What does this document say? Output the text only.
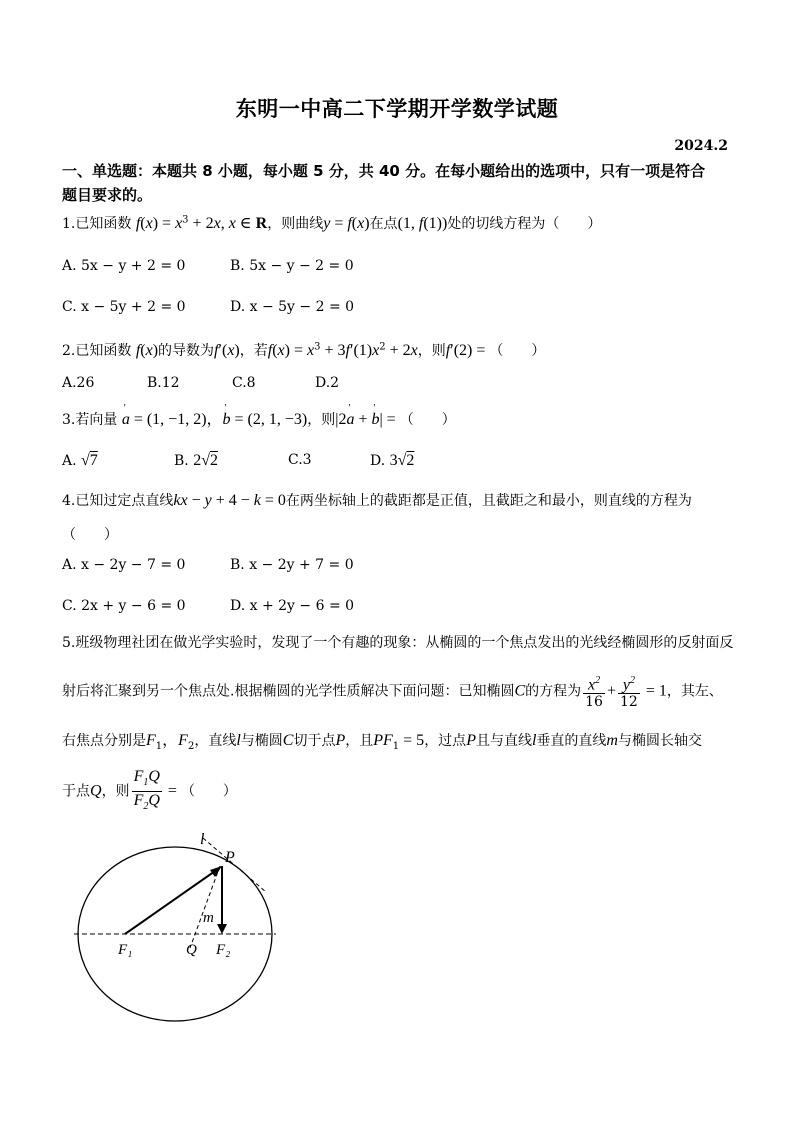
东明一中高二下学期开学数学试题
2024.2
一、单选题：本题共 8 小题，每小题 5 分，共 40 分。在每小题给出的选项中，只有一项是符合
题目要求的。
1.已知函数 $f(x) = x^3 + 2x$, x ∈ R，则曲线y = f(x)在点(1, f(1))处的切线方程为（　　）
A. 5x − y + 2 = 0	B. 5x − y − 2 = 0
C. x − 5y + 2 = 0	D. x − 5y − 2 = 0
2.已知函数 f(x)的导数为f′(x)，若$f(x) = x^3 + 3f'(1)x^2 + 2x$，则f′(2) = （　　）
A.26	B.12	C.8	D.2
3.若向量 ' a = (1, −1, 2)，' b = (2, 1, −3)，则|2' a + ' b| = （　　）
A. √7	B. 2√2	C.3	D. 3√2
4.已知过定点直线kx − y + 4 − k = 0在两坐标轴上的截距都是正值，且截距之和最小，则直线的方程为
（　　）
A. x − 2y − 7 = 0	B. x − 2y + 7 = 0
C. 2x + y − 6 = 0	D. x + 2y − 6 = 0
5.班级物理社团在做光学实验时，发现了一个有趣的现象：从椭圆的一个焦点发出的光线经椭圆形的反射面反
射后将汇聚到另一个焦点处.根据椭圆的光学性质解决下面问题：已知椭圆C的方程为 $\frac{x^2}{16} + \frac{y^2}{12} = 1$，其左、
右焦点分别是$F_1$，$F_2$，直线l与椭圆C切于点P，且$PF_1 = 5$，过点P且与直线l垂直的直线m与椭圆长轴交
于点Q，则 $\frac{F_1Q}{F_2Q}$ = （　　）
l
P
m
F₁	Q F₂
